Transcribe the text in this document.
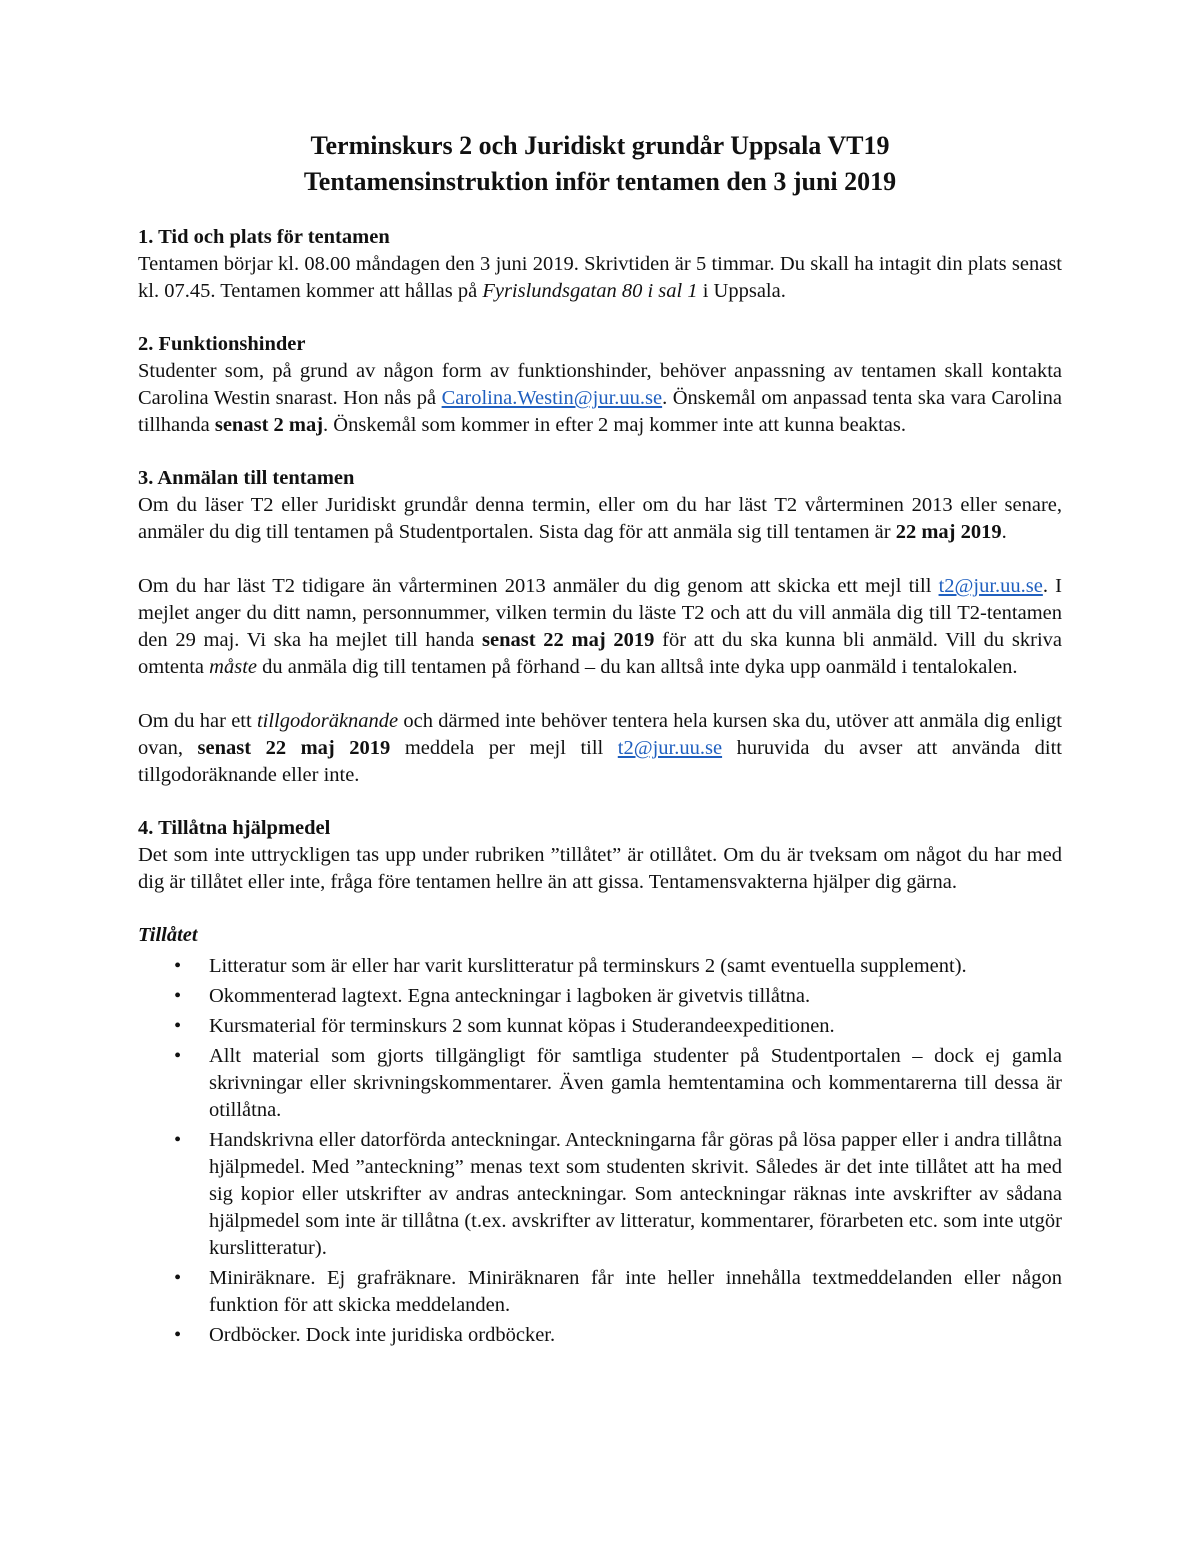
Terminskurs 2 och Juridiskt grundår Uppsala VT19

Tentamensinstruktion inför tentamen den 3 juni 2019

1. Tid och plats för tentamen

Tentamen börjar kl. 08.00 måndagen den 3 juni 2019. Skrivtiden är 5 timmar. Du skall ha intagit din plats senast kl. 07.45. Tentamen kommer att hållas på Fyrislundsgatan 80 i sal 1 i Uppsala.

2. Funktionshinder

Studenter som, på grund av någon form av funktionshinder, behöver anpassning av tentamen skall kontakta Carolina Westin snarast. Hon nås på Carolina.Westin@jur.uu.se. Önskemål om anpassad tenta ska vara Carolina tillhanda senast 2 maj. Önskemål som kommer in efter 2 maj kommer inte att kunna beaktas.

3. Anmälan till tentamen

Om du läser T2 eller Juridiskt grundår denna termin, eller om du har läst T2 vårterminen 2013 eller senare, anmäler du dig till tentamen på Studentportalen. Sista dag för att anmäla sig till tentamen är 22 maj 2019.

Om du har läst T2 tidigare än vårterminen 2013 anmäler du dig genom att skicka ett mejl till t2@jur.uu.se. I mejlet anger du ditt namn, personnummer, vilken termin du läste T2 och att du vill anmäla dig till T2-tentamen den 29 maj. Vi ska ha mejlet till handa senast 22 maj 2019 för att du ska kunna bli anmäld. Vill du skriva omtenta måste du anmäla dig till tentamen på förhand – du kan alltså inte dyka upp oanmäld i tentalokalen.

Om du har ett tillgodoräknande och därmed inte behöver tentera hela kursen ska du, utöver att anmäla dig enligt ovan, senast 22 maj 2019 meddela per mejl till t2@jur.uu.se huruvida du avser att använda ditt tillgodoräknande eller inte.

4. Tillåtna hjälpmedel

Det som inte uttryckligen tas upp under rubriken ”tillåtet” är otillåtet. Om du är tveksam om något du har med dig är tillåtet eller inte, fråga före tentamen hellre än att gissa. Tentamensvakterna hjälper dig gärna.

Tillåtet

• Litteratur som är eller har varit kurslitteratur på terminskurs 2 (samt eventuella supplement).
• Okommenterad lagtext. Egna anteckningar i lagboken är givetvis tillåtna.
• Kursmaterial för terminskurs 2 som kunnat köpas i Studerandeexpeditionen.
• Allt material som gjorts tillgängligt för samtliga studenter på Studentportalen – dock ej gamla skrivningar eller skrivningskommentarer. Även gamla hemtentamina och kommentarerna till dessa är otillåtna.
• Handskrivna eller datorförda anteckningar. Anteckningarna får göras på lösa papper eller i andra tillåtna hjälpmedel. Med ”anteckning” menas text som studenten skrivit. Således är det inte tillåtet att ha med sig kopior eller utskrifter av andras anteckningar. Som anteckningar räknas inte avskrifter av sådana hjälpmedel som inte är tillåtna (t.ex. avskrifter av litteratur, kommentarer, förarbeten etc. som inte utgör kurslitteratur).
• Miniräknare. Ej grafräknare. Miniräknaren får inte heller innehålla textmeddelanden eller någon funktion för att skicka meddelanden.
• Ordböcker. Dock inte juridiska ordböcker.
